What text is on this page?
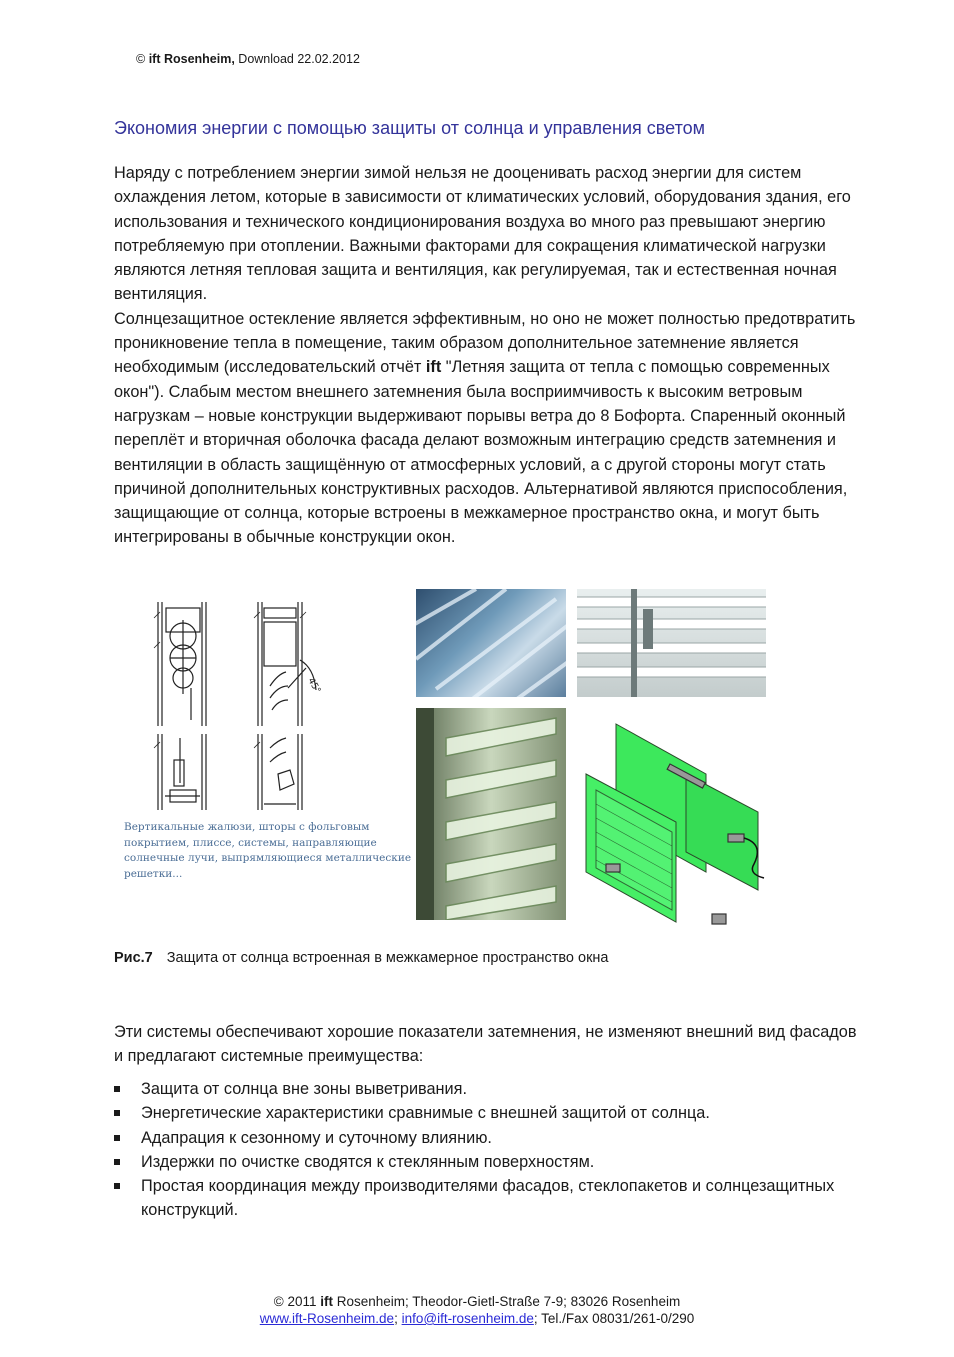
© ift Rosenheim, Download 22.02.2012
Экономия энергии с помощью защиты от солнца и управления светом

Наряду с потреблением энергии зимой нельзя не дооценивать расход энергии для систем охлаждения летом, которые в зависимости от климатических условий, оборудования здания, его использования и технического кондиционирования воздуха во много раз превышают энергию потребляемую при отоплении. Важными факторами для сокращения климатической нагрузки являются летняя тепловая защита и вентиляция, как регулируемая, так и естественная ночная вентиляция.

Солнцезащитное остекление является эффективным, но оно не может полностью предотвратить проникновение тепла в помещение, таким образом дополнительное затемнение является необходимым (исследовательский отчёт ift "Летняя защита от тепла с помощью современных окон"). Слабым местом внешнего затемнения была восприимчивость к высоким ветровым нагрузкам – новые конструкции выдерживают порывы ветра до 8 Бофорта. Спаренный оконный переплёт и вторичная оболочка фасада делают возможным интеграцию средств затемнения и вентиляции в область защищённую от атмосферных условий, а с другой стороны могут стать причиной дополнительных конструктивных расходов. Альтернативой являются приспособления, защищающие от солнца, которые встроены в межкамерное пространство окна, и могут быть интегрированы в обычные конструкции окон.

45°
Вертикальные жалюзи, шторы с фольговым покрытием, плиссе, системы, направляющие солнечные лучи, выпрямляющиеся металлические решетки...
Рис.7 Защита от солнца встроенная в межкамерное пространство окна

Эти системы обеспечивают хорошие показатели затемнения, не изменяют внешний вид фасадов и предлагают системные преимущества:

Защита от солнца вне зоны выветривания.
Энергетические характеристики сравнимые с внешней защитой от солнца.
Адапрация к сезонному и суточному влиянию.
Издержки по очистке сводятся к стеклянным поверхностям.
Простая координация между производителями фасадов, стеклопакетов и солнцезащитных конструкций.
© 2011 ift Rosenheim; Theodor-Gietl-Straße 7-9; 83026 Rosenheim
www.ift-Rosenheim.de; info@ift-rosenheim.de; Tel./Fax 08031/261-0/290
